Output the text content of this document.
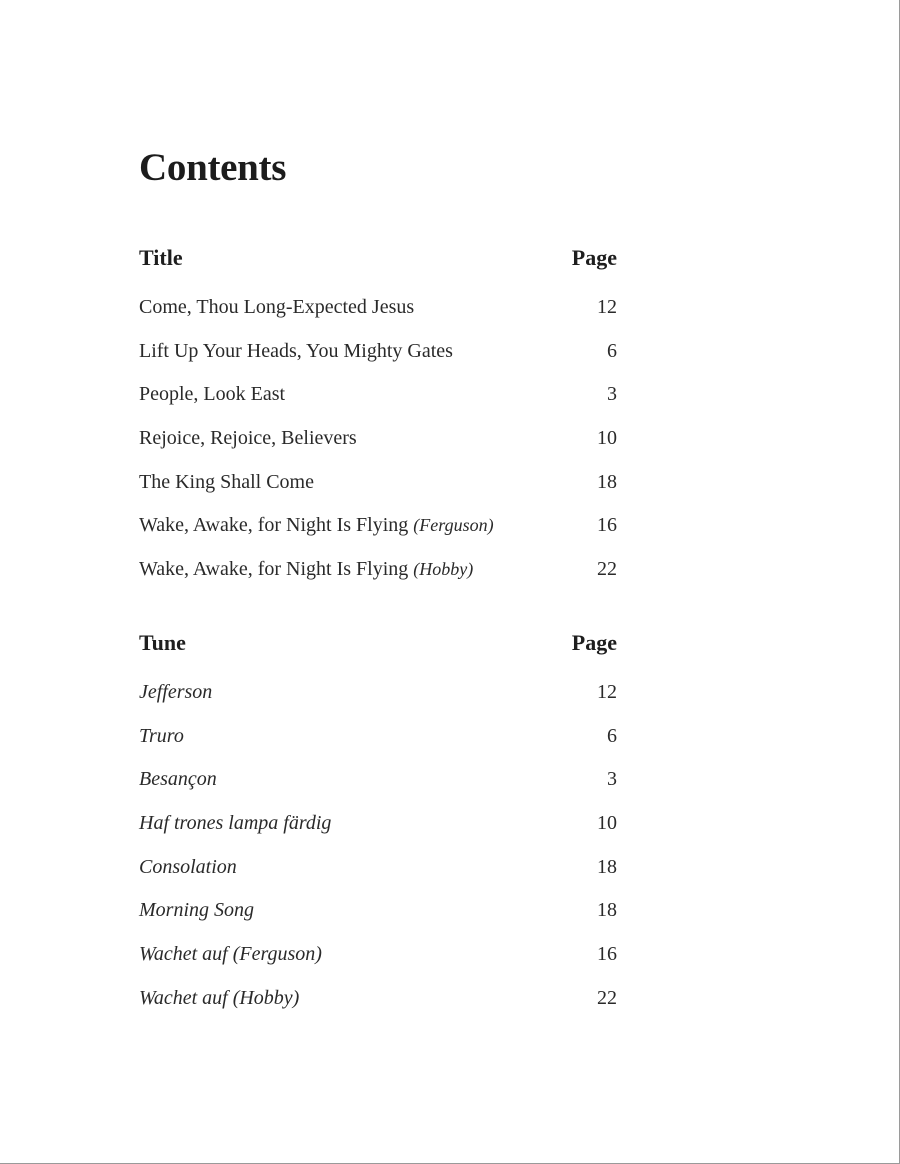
Contents
Title	Page
Come, Thou Long-Expected Jesus	12
Lift Up Your Heads, You Mighty Gates	6
People, Look East	3
Rejoice, Rejoice, Believers	10
The King Shall Come	18
Wake, Awake, for Night Is Flying (Ferguson)	16
Wake, Awake, for Night Is Flying (Hobby)	22
Tune	Page
Jefferson	12
Truro	6
Besançon	3
Haf trones lampa färdig	10
Consolation	18
Morning Song	18
Wachet auf (Ferguson)	16
Wachet auf (Hobby)	22
